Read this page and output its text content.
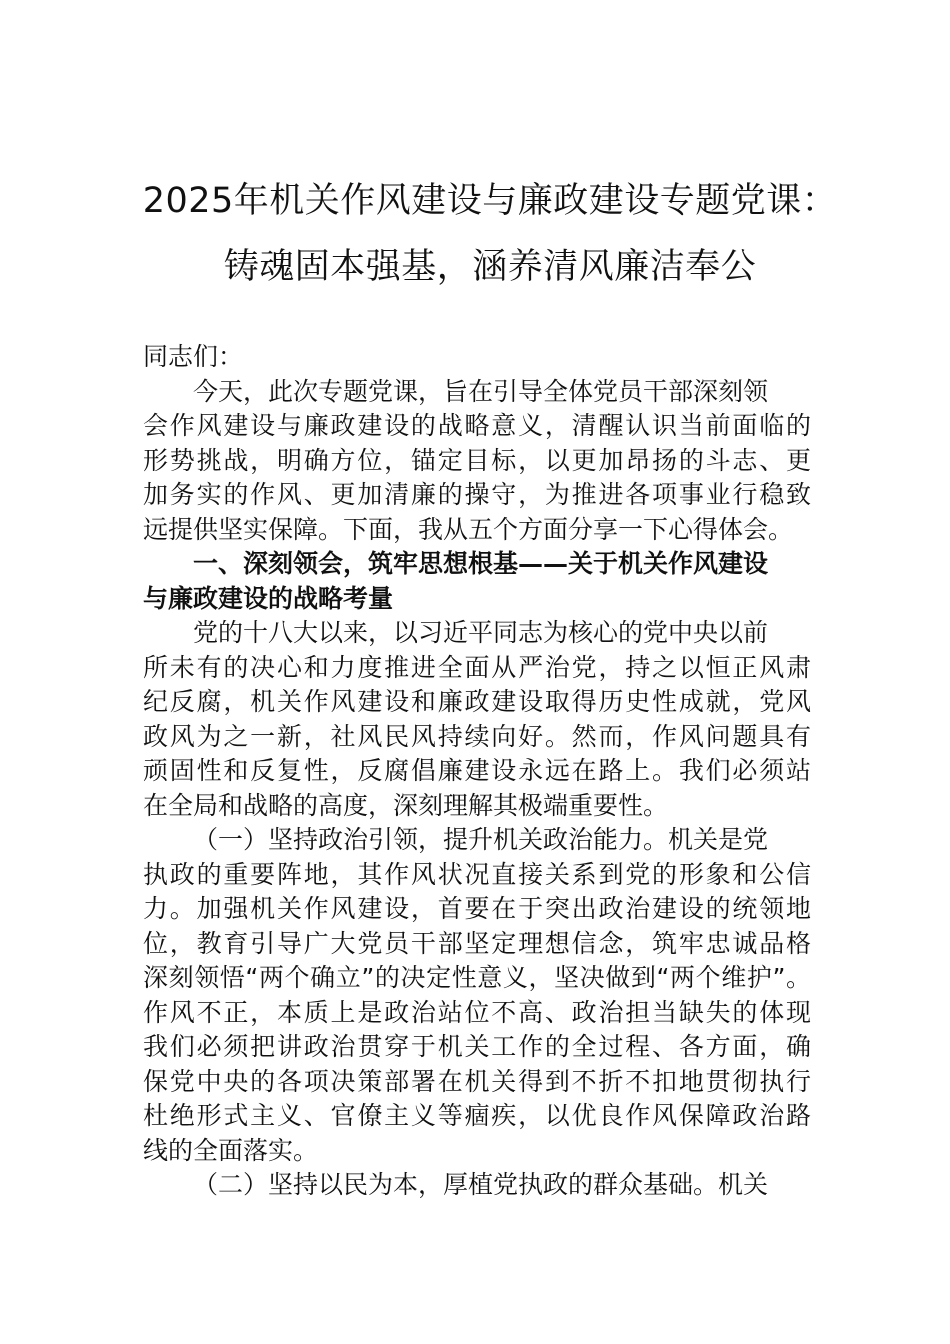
2025年机关作风建设与廉政建设专题党课：
铸魂固本强基，涵养清风廉洁奉公
同志们：
今天，此次专题党课，旨在引导全体党员干部深刻领
会作风建设与廉政建设的战略意义，清醒认识当前面临的
形势挑战，明确方位，锚定目标，以更加昂扬的斗志、更
加务实的作风、更加清廉的操守，为推进各项事业行稳致
远提供坚实保障。下面，我从五个方面分享一下心得体会。
一、深刻领会，筑牢思想根基——关于机关作风建设
与廉政建设的战略考量
党的十八大以来，以习近平同志为核心的党中央以前
所未有的决心和力度推进全面从严治党，持之以恒正风肃
纪反腐，机关作风建设和廉政建设取得历史性成就，党风
政风为之一新，社风民风持续向好。然而，作风问题具有
顽固性和反复性，反腐倡廉建设永远在路上。我们必须站
在全局和战略的高度，深刻理解其极端重要性。
（一）坚持政治引领，提升机关政治能力。机关是党
执政的重要阵地，其作风状况直接关系到党的形象和公信
力。加强机关作风建设，首要在于突出政治建设的统领地
位，教育引导广大党员干部坚定理想信念，筑牢忠诚品格
深刻领悟“两个确立”的决定性意义，坚决做到“两个维护”。
作风不正，本质上是政治站位不高、政治担当缺失的体现
我们必须把讲政治贯穿于机关工作的全过程、各方面，确
保党中央的各项决策部署在机关得到不折不扣地贯彻执行
杜绝形式主义、官僚主义等痼疾，以优良作风保障政治路
线的全面落实。
（二）坚持以民为本，厚植党执政的群众基础。机关
